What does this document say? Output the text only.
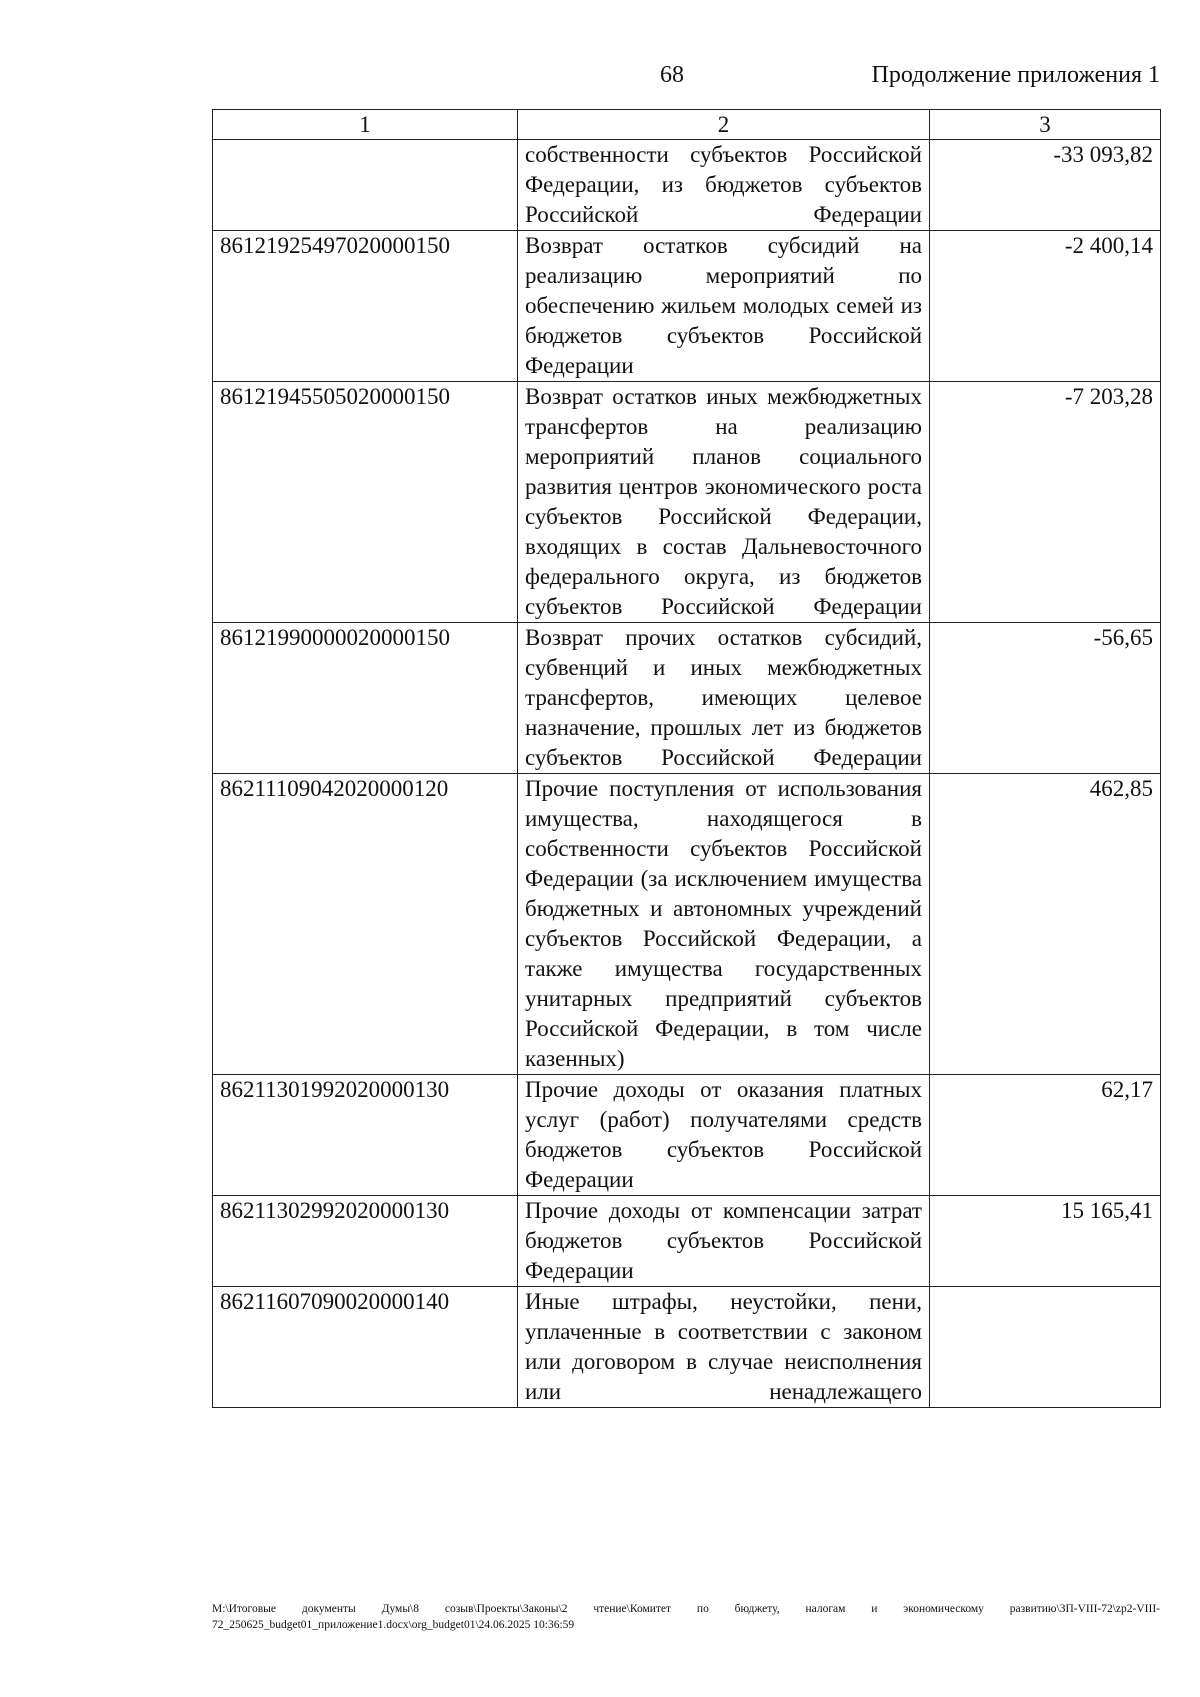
68	Продолжение приложения 1
1	2	3
	собственности субъектов Российской Федерации, из бюджетов субъектов Российской Федерации	-33 093,82
86121925497020000150	Возврат остатков субсидий на реализацию мероприятий по обеспечению жильем молодых семей из бюджетов субъектов Российской Федерации	-2 400,14
86121945505020000150	Возврат остатков иных межбюджетных трансфертов на реализацию мероприятий планов социального развития центров экономического роста субъектов Российской Федерации, входящих в состав Дальневосточного федерального округа, из бюджетов субъектов Российской Федерации	-7 203,28
86121990000020000150	Возврат прочих остатков субсидий, субвенций и иных межбюджетных трансфертов, имеющих целевое назначение, прошлых лет из бюджетов субъектов Российской Федерации	-56,65
86211109042020000120	Прочие поступления от использования имущества, находящегося в собственности субъектов Российской Федерации (за исключением имущества бюджетных и автономных учреждений субъектов Российской Федерации, а также имущества государственных унитарных предприятий субъектов Российской Федерации, в том числе казенных)	462,85
86211301992020000130	Прочие доходы от оказания платных услуг (работ) получателями средств бюджетов субъектов Российской Федерации	62,17
86211302992020000130	Прочие доходы от компенсации затрат бюджетов субъектов Российской Федерации	15 165,41
86211607090020000140	Иные штрафы, неустойки, пени, уплаченные в соответствии с законом или договором в случае неисполнения или ненадлежащего	
M:\Итоговые документы Думы\8 созыв\Проекты\Законы\2 чтение\Комитет по бюджету, налогам и экономическому развитию\ЗП-VIII-72\zp2-VIII-72_250625_budget01_приложение1.docx\org_budget01\24.06.2025 10:36:59
